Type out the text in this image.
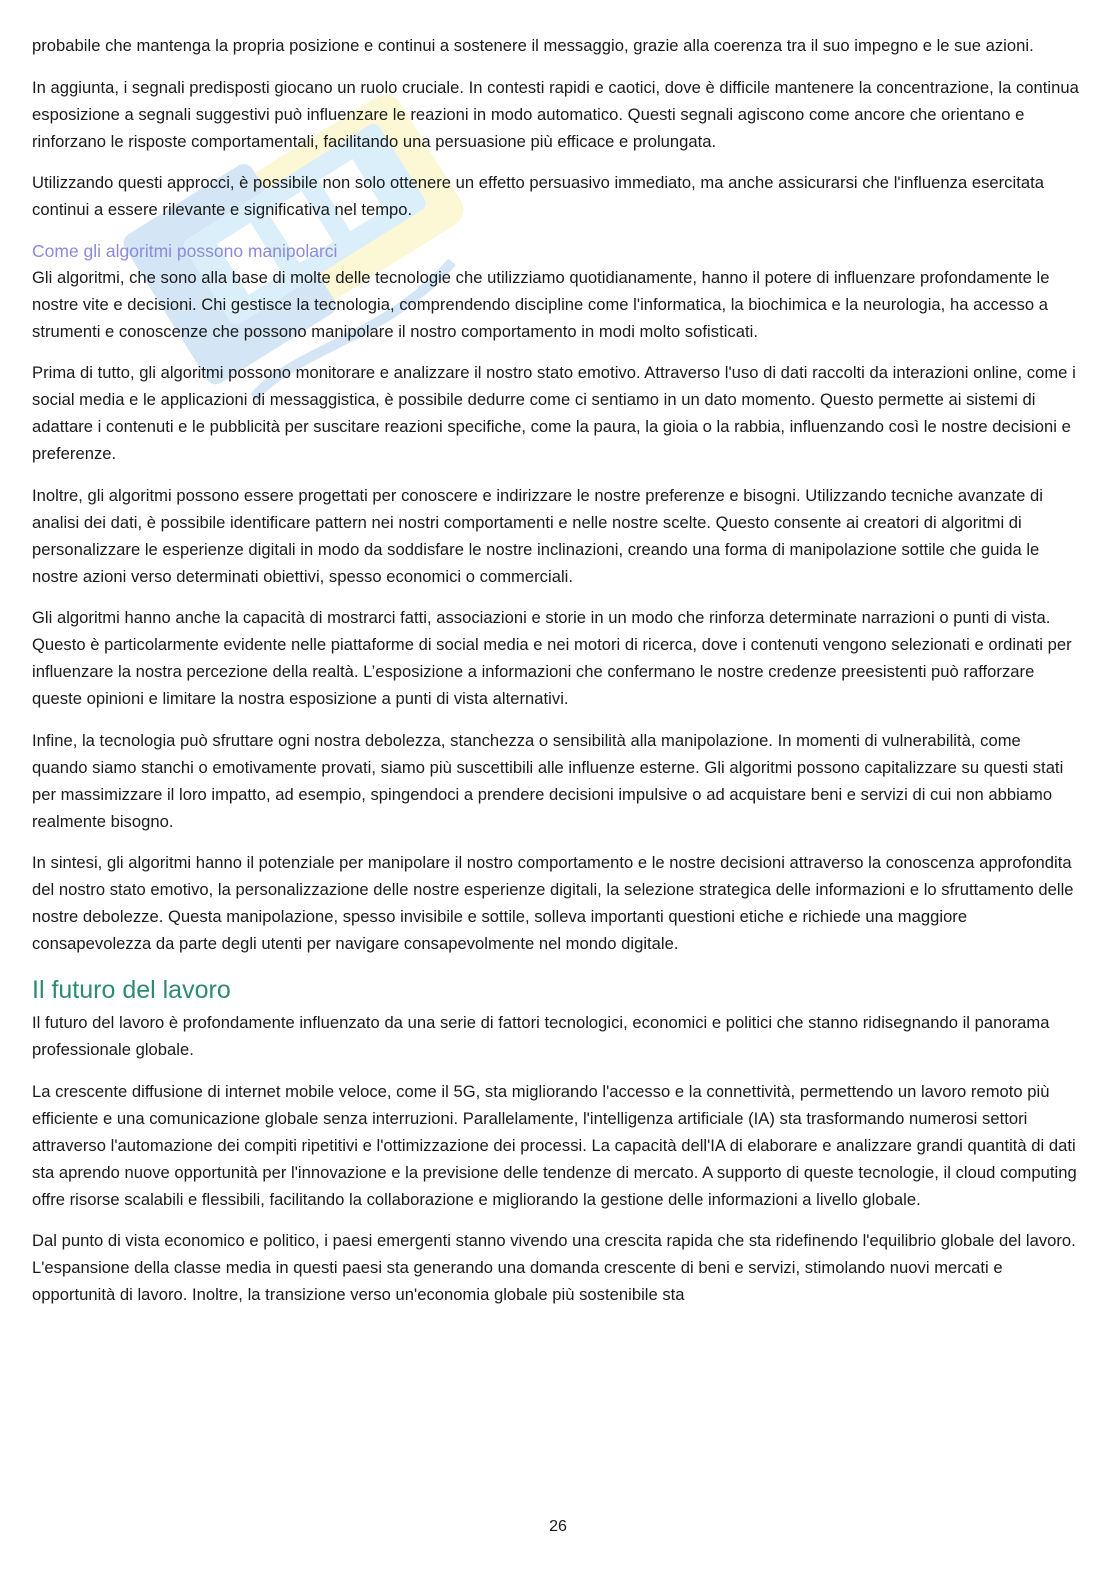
probabile che mantenga la propria posizione e continui a sostenere il messaggio, grazie alla coerenza tra il suo impegno e le sue azioni.

In aggiunta, i segnali predisposti giocano un ruolo cruciale. In contesti rapidi e caotici, dove è difficile mantenere la concentrazione, la continua esposizione a segnali suggestivi può influenzare le reazioni in modo automatico. Questi segnali agiscono come ancore che orientano e rinforzano le risposte comportamentali, facilitando una persuasione più efficace e prolungata.

Utilizzando questi approcci, è possibile non solo ottenere un effetto persuasivo immediato, ma anche assicurarsi che l'influenza esercitata continui a essere rilevante e significativa nel tempo.

Come gli algoritmi possono manipolarci

Gli algoritmi, che sono alla base di molte delle tecnologie che utilizziamo quotidianamente, hanno il potere di influenzare profondamente le nostre vite e decisioni. Chi gestisce la tecnologia, comprendendo discipline come l'informatica, la biochimica e la neurologia, ha accesso a strumenti e conoscenze che possono manipolare il nostro comportamento in modi molto sofisticati.

Prima di tutto, gli algoritmi possono monitorare e analizzare il nostro stato emotivo. Attraverso l'uso di dati raccolti da interazioni online, come i social media e le applicazioni di messaggistica, è possibile dedurre come ci sentiamo in un dato momento. Questo permette ai sistemi di adattare i contenuti e le pubblicità per suscitare reazioni specifiche, come la paura, la gioia o la rabbia, influenzando così le nostre decisioni e preferenze.

Inoltre, gli algoritmi possono essere progettati per conoscere e indirizzare le nostre preferenze e bisogni. Utilizzando tecniche avanzate di analisi dei dati, è possibile identificare pattern nei nostri comportamenti e nelle nostre scelte. Questo consente ai creatori di algoritmi di personalizzare le esperienze digitali in modo da soddisfare le nostre inclinazioni, creando una forma di manipolazione sottile che guida le nostre azioni verso determinati obiettivi, spesso economici o commerciali.

Gli algoritmi hanno anche la capacità di mostrarci fatti, associazioni e storie in un modo che rinforza determinate narrazioni o punti di vista. Questo è particolarmente evidente nelle piattaforme di social media e nei motori di ricerca, dove i contenuti vengono selezionati e ordinati per influenzare la nostra percezione della realtà. L’esposizione a informazioni che confermano le nostre credenze preesistenti può rafforzare queste opinioni e limitare la nostra esposizione a punti di vista alternativi.

Infine, la tecnologia può sfruttare ogni nostra debolezza, stanchezza o sensibilità alla manipolazione. In momenti di vulnerabilità, come quando siamo stanchi o emotivamente provati, siamo più suscettibili alle influenze esterne. Gli algoritmi possono capitalizzare su questi stati per massimizzare il loro impatto, ad esempio, spingendoci a prendere decisioni impulsive o ad acquistare beni e servizi di cui non abbiamo realmente bisogno.

In sintesi, gli algoritmi hanno il potenziale per manipolare il nostro comportamento e le nostre decisioni attraverso la conoscenza approfondita del nostro stato emotivo, la personalizzazione delle nostre esperienze digitali, la selezione strategica delle informazioni e lo sfruttamento delle nostre debolezze. Questa manipolazione, spesso invisibile e sottile, solleva importanti questioni etiche e richiede una maggiore consapevolezza da parte degli utenti per navigare consapevolmente nel mondo digitale.

Il futuro del lavoro

Il futuro del lavoro è profondamente influenzato da una serie di fattori tecnologici, economici e politici che stanno ridisegnando il panorama professionale globale.

La crescente diffusione di internet mobile veloce, come il 5G, sta migliorando l'accesso e la connettività, permettendo un lavoro remoto più efficiente e una comunicazione globale senza interruzioni. Parallelamente, l'intelligenza artificiale (IA) sta trasformando numerosi settori attraverso l'automazione dei compiti ripetitivi e l'ottimizzazione dei processi. La capacità dell'IA di elaborare e analizzare grandi quantità di dati sta aprendo nuove opportunità per l'innovazione e la previsione delle tendenze di mercato. A supporto di queste tecnologie, il cloud computing offre risorse scalabili e flessibili, facilitando la collaborazione e migliorando la gestione delle informazioni a livello globale.

Dal punto di vista economico e politico, i paesi emergenti stanno vivendo una crescita rapida che sta ridefinendo l'equilibrio globale del lavoro. L'espansione della classe media in questi paesi sta generando una domanda crescente di beni e servizi, stimolando nuovi mercati e opportunità di lavoro. Inoltre, la transizione verso un'economia globale più sostenibile sta

26
